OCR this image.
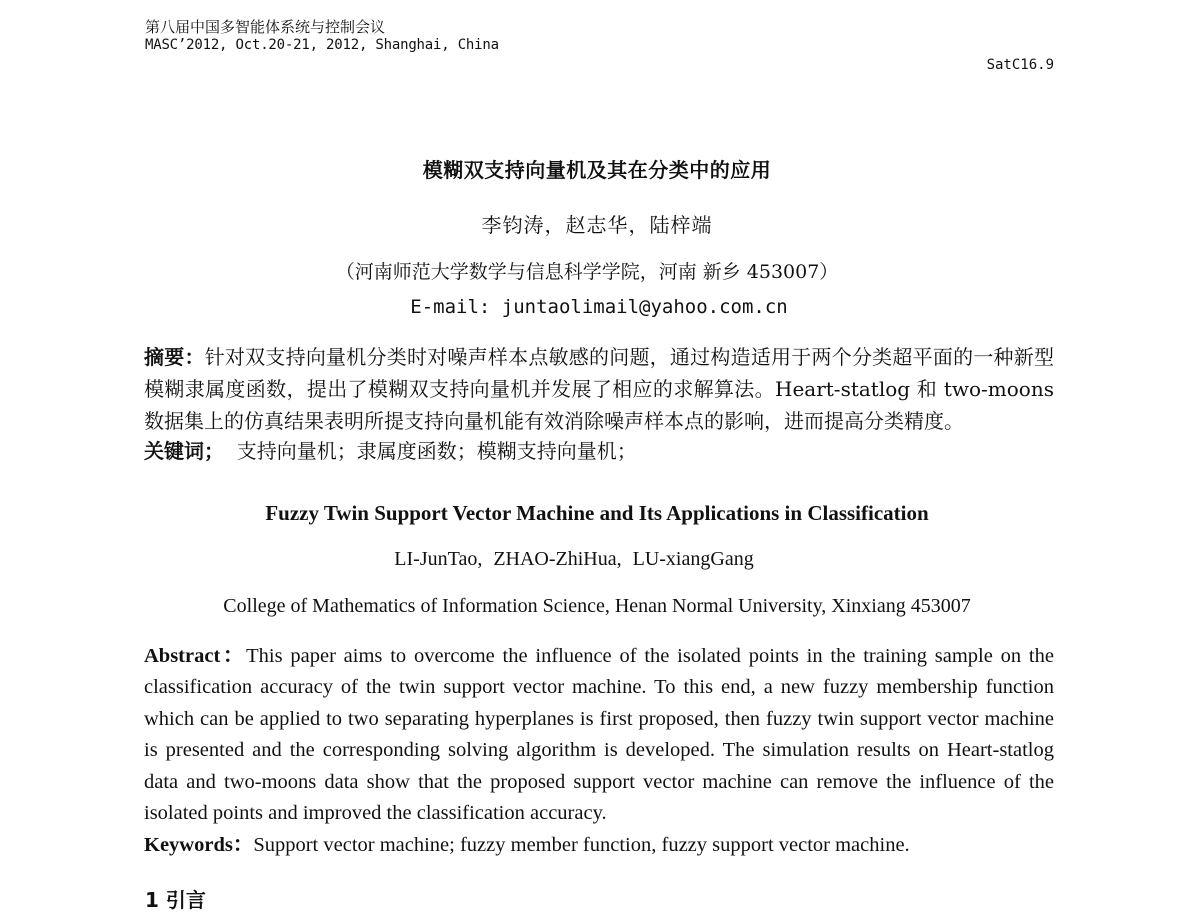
第八届中国多智能体系统与控制会议
MASC’2012, Oct.20-21, 2012, Shanghai, China
SatC16.9
模糊双支持向量机及其在分类中的应用
李钧涛，赵志华，陆梓端
（河南师范大学数学与信息科学学院，河南 新乡 453007）
E-mail: juntaolimail@yahoo.com.cn
摘要：针对双支持向量机分类时对噪声样本点敏感的问题，通过构造适用于两个分类超平面的一种新型模糊隶属度函数，提出了模糊双支持向量机并发展了相应的求解算法。Heart-statlog 和 two-moons 数据集上的仿真结果表明所提支持向量机能有效消除噪声样本点的影响，进而提高分类精度。
关键词；  支持向量机；隶属度函数；模糊支持向量机；
Fuzzy Twin Support Vector Machine and Its Applications in Classification
LI-JunTao, ZHAO-ZhiHua, LU-xiangGang
College of Mathematics of Information Science, Henan Normal University, Xinxiang 453007
Abstract：This paper aims to overcome the influence of the isolated points in the training sample on the classification accuracy of the twin support vector machine. To this end, a new fuzzy membership function which can be applied to two separating hyperplanes is first proposed, then fuzzy twin support vector machine is presented and the corresponding solving algorithm is developed. The simulation results on Heart-statlog data and two-moons data show that the proposed support vector machine can remove the influence of the isolated points and improved the classification accuracy.
Keywords：Support vector machine; fuzzy member function, fuzzy support vector machine.
1 引言
